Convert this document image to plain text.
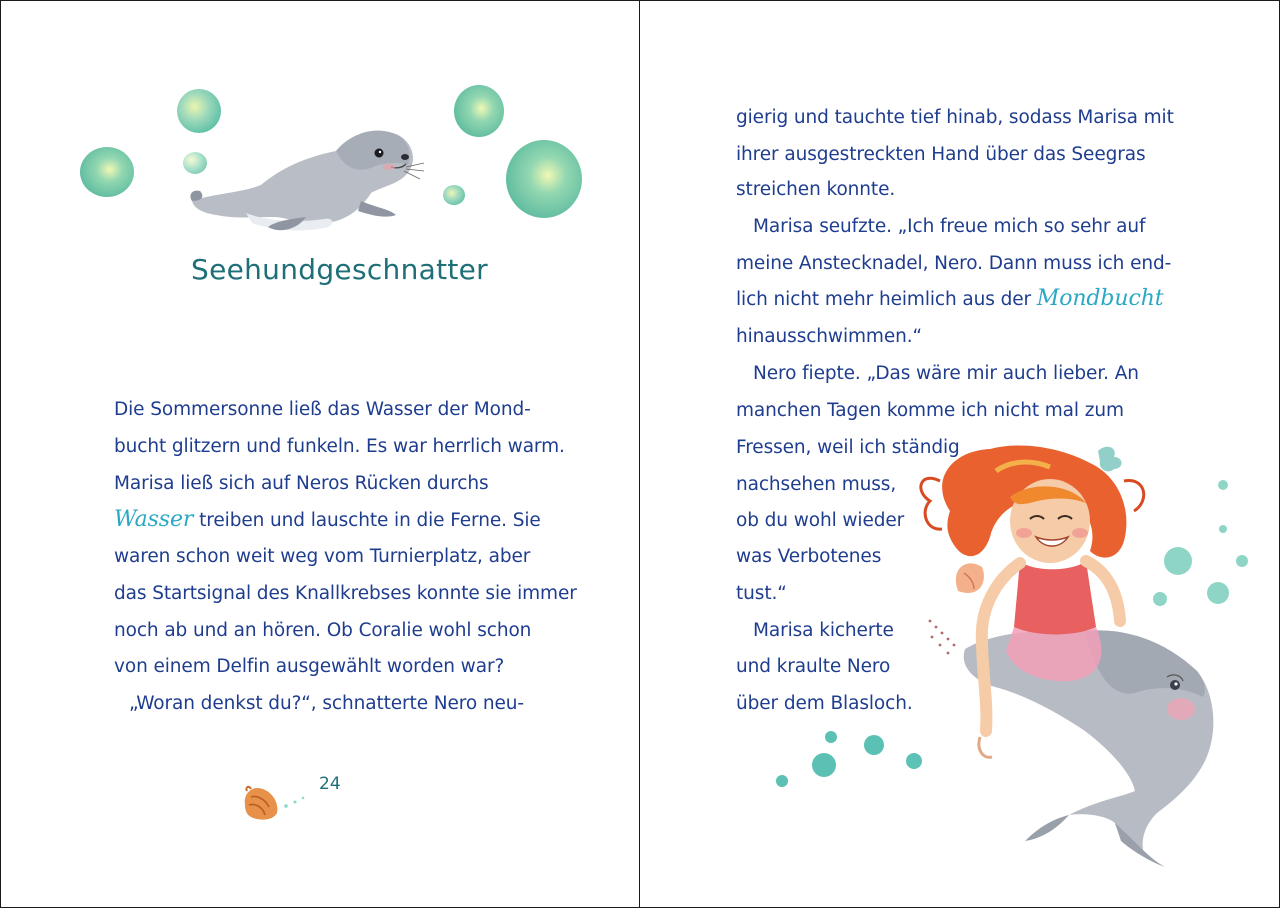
Seehundgeschnatter
Die Sommersonne ließ das Wasser der Mond-
bucht glitzern und funkeln. Es war herrlich warm.
Marisa ließ sich auf Neros Rücken durchs
Wasser treiben und lauschte in die Ferne. Sie
waren schon weit weg vom Turnierplatz, aber
das Startsignal des Knallkrebses konnte sie immer
noch ab und an hören. Ob Coralie wohl schon
von einem Delfin ausgewählt worden war?
„Woran denkst du?“, schnatterte Nero neu-
24
gierig und tauchte tief hinab, sodass Marisa mit
ihrer ausgestreckten Hand über das Seegras
streichen konnte.
Marisa seufzte. „Ich freue mich so sehr auf
meine Anstecknadel, Nero. Dann muss ich end-
lich nicht mehr heimlich aus der Mondbucht
hinausschwimmen.“
Nero fiepte. „Das wäre mir auch lieber. An
manchen Tagen komme ich nicht mal zum
Fressen, weil ich ständig
nachsehen muss,
ob du wohl wieder
was Verbotenes
tust.“
Marisa kicherte
und kraulte Nero
über dem Blasloch.
